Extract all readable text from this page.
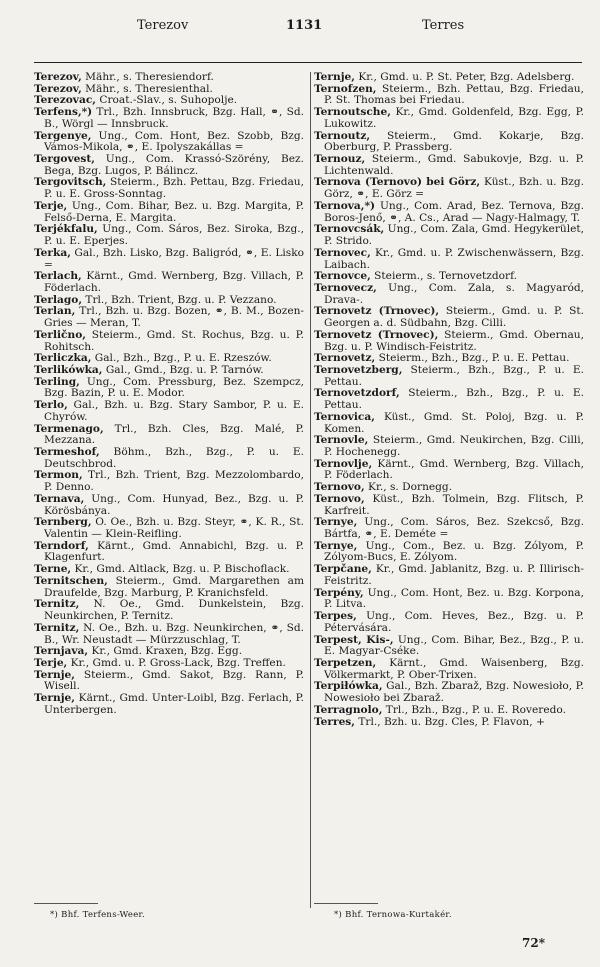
Terezov	1131	Terres

Terezov, Mähr., s. Theresiendorf.

Terezov, Mähr., s. Theresienthal.

Terezovac, Croat.-Slav., s. Suhopolje.

Terfens,*) Trl., Bzh. Innsbruck, Bzg. Hall, ⚭, Sd. B., Wörgl — Innsbruck.

Tergenye, Ung., Com. Hont, Bez. Szobb, Bzg. Vámos-Mikola, ⚭, E. Ipolyszakállas =

Tergovest, Ung., Com. Krassó-Szörény, Bez. Bega, Bzg. Lugos, P. Bálincz.

Tergovitsch, Steierm., Bzh. Pettau, Bzg. Friedau, P. u. E. Gross-Sonntag.

Terje, Ung., Com. Bihar, Bez. u. Bzg. Margita, P. Felső-Derna, E. Margita.

Terjékfalu, Ung., Com. Sáros, Bez. Siroka, Bzg., P. u. E. Eperjes.

Terka, Gal., Bzh. Lisko, Bzg. Baligród, ⚭, E. Lisko =

Terlach, Kärnt., Gmd. Wernberg, Bzg. Villach, P. Föderlach.

Terlago, Trl., Bzh. Trient, Bzg. u. P. Vezzano.

Terlan, Trl., Bzh. u. Bzg. Bozen, ⚭, B. M., Bozen-Gries — Meran, T.

Terličnо, Steierm., Gmd. St. Rochus, Bzg. u. P. Rohitsch.

Terliczka, Gal., Bzh., Bzg., P. u. E. Rzeszów.

Terlikówka, Gal., Gmd., Bzg. u. P. Tarnów.

Terling, Ung., Com. Pressburg, Bez. Szempcz, Bzg. Bazin, P. u. E. Modor.

Terlo, Gal., Bzh. u. Bzg. Stary Sambor, P. u. E. Chyrów.

Termenago, Trl., Bzh. Cles, Bzg. Malé, P. Mezzana.

Termeshof, Böhm., Bzh., Bzg., P. u. E. Deutschbrod.

Termon, Trl., Bzh. Trient, Bzg. Mezzolombardo, P. Denno.

Ternava, Ung., Com. Hunyad, Bez., Bzg. u. P. Körösbánya.

Ternberg, O. Oe., Bzh. u. Bzg. Steyr, ⚭, K. R., St. Valentin — Klein-Reifling.

Terndorf, Kärnt., Gmd. Annabichl, Bzg. u. P. Klagenfurt.

Terne, Kr., Gmd. Altlack, Bzg. u. P. Bischoflack.

Ternitschen, Steierm., Gmd. Margarethen am Draufelde, Bzg. Marburg, P. Kranichsfeld.

Ternitz, N. Oe., Gmd. Dunkelstein, Bzg. Neunkirchen, P. Ternitz.

Ternitz, N. Oe., Bzh. u. Bzg. Neunkirchen, ⚭, Sd. B., Wr. Neustadt — Mürzzuschlag, T.

Ternjava, Kr., Gmd. Kraxen, Bzg. Egg.

Terje, Kr., Gmd. u. P. Gross-Lack, Bzg. Treffen.

Ternje, Steierm., Gmd. Sakot, Bzg. Rann, P. Wisell.

Ternje, Kärnt., Gmd. Unter-Loibl, Bzg. Ferlach, P. Unterbergen.

Ternje, Kr., Gmd. u. P. St. Peter, Bzg. Adelsberg.

Ternofzen, Steierm., Bzh. Pettau, Bzg. Friedau, P. St. Thomas bei Friedau.

Ternoutsche, Kr., Gmd. Goldenfeld, Bzg. Egg, P. Lukowitz.

Ternoutz, Steierm., Gmd. Kokarje, Bzg. Oberburg, P. Prassberg.

Ternouz, Steierm., Gmd. Sabukovje, Bzg. u. P. Lichtenwald.

Ternova (Ternovo) bei Görz, Küst., Bzh. u. Bzg. Görz, ⚭, E. Görz =

Ternova,*) Ung., Com. Arad, Bez. Ternova, Bzg. Boros-Jenő, ⚭, A. Cs., Arad — Nagy-Halmagy, T.

Ternovcsák, Ung., Com. Zala, Gmd. Hegykerület, P. Strido.

Ternovec, Kr., Gmd. u. P. Zwischenwässern, Bzg. Laibach.

Ternovce, Steierm., s. Ternovetzdorf.

Ternovecz, Ung., Com. Zala, s. Magyaród, Drava-.

Ternovetz (Trnovec), Steierm., Gmd. u. P. St. Georgen a. d. Südbahn, Bzg. Cilli.

Ternovetz (Trnovec), Steierm., Gmd. Obernau, Bzg. u. P. Windisch-Feistritz.

Ternovetz, Steierm., Bzh., Bzg., P. u. E. Pettau.

Ternovetzberg, Steierm., Bzh., Bzg., P. u. E. Pettau.

Ternovetzdorf, Steierm., Bzh., Bzg., P. u. E. Pettau.

Ternovica, Küst., Gmd. St. Poloj, Bzg. u. P. Komen.

Ternovle, Steierm., Gmd. Neukirchen, Bzg. Cilli, P. Hochenegg.

Ternovlje, Kärnt., Gmd. Wernberg, Bzg. Villach, P. Föderlach.

Ternovo, Kr., s. Dornegg.

Ternovo, Küst., Bzh. Tolmein, Bzg. Flitsch, P. Karfreit.

Ternye, Ung., Com. Sáros, Bez. Szekcső, Bzg. Bártfa, ⚭, E. Deméte =

Ternye, Ung., Com., Bez. u. Bzg. Zólyom, P. Zólyom-Bucs, E. Zólyom.

Terpčane, Kr., Gmd. Jablanitz, Bzg. u. P. Illirisch-Feistritz.

Terpény, Ung., Com. Hont, Bez. u. Bzg. Korpona, P. Litva.

Terpes, Ung., Com. Heves, Bez., Bzg. u. P. Pétervására.

Terpest, Kis-, Ung., Com. Bihar, Bez., Bzg., P. u. E. Magyar-Cséke.

Terpetzen, Kärnt., Gmd. Waisenberg, Bzg. Völkermarkt, P. Ober-Trixen.

Terpiłówka, Gal., Bzh. Zbaraž, Bzg. Nowesioło, P. Nowesioło bei Zbaraž.

Terragnolo, Trl., Bzh., Bzg., P. u. E. Roveredo.

Terres, Trl., Bzh. u. Bzg. Cles, P. Flavon, +

*) Bhf. Terfens-Weer.	*) Bhf. Ternowa-Kurtakér.
72*
